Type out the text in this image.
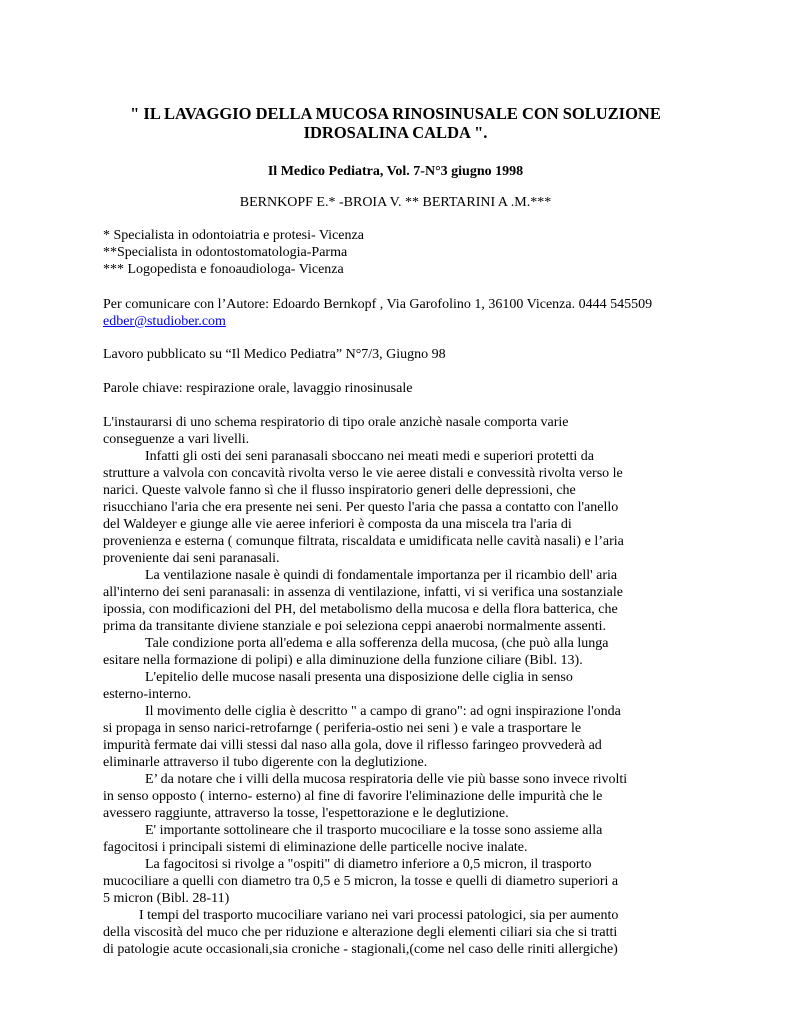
" IL LAVAGGIO DELLA MUCOSA RINOSINUSALE CON SOLUZIONE
IDROSALINA CALDA ".
Il Medico Pediatra, Vol. 7-N°3 giugno 1998
BERNKOPF E.* -BROIA V. ** BERTARINI A .M.***
* Specialista in odontoiatria e protesi- Vicenza
**Specialista in odontostomatologia-Parma
*** Logopedista e fonoaudiologa- Vicenza
Per comunicare con l’Autore: Edoardo Bernkopf , Via Garofolino 1, 36100 Vicenza. 0444 545509
edber@studiober.com
Lavoro pubblicato su “Il Medico Pediatra” N°7/3, Giugno 98
Parole chiave: respirazione orale, lavaggio rinosinusale
L'instaurarsi di uno schema respiratorio di tipo orale anzichè nasale comporta varie
conseguenze a vari livelli.
Infatti gli osti dei seni paranasali sboccano nei meati medi e superiori protetti da
strutture a valvola con concavità rivolta verso le vie aeree distali e convessità rivolta verso le
narici. Queste valvole fanno sì che il flusso inspiratorio generi delle depressioni, che
risucchiano l'aria che era presente nei seni. Per questo l'aria che passa a contatto con l'anello
del Waldeyer e giunge alle vie aeree inferiori è composta da una miscela tra l'aria di
provenienza e esterna ( comunque filtrata, riscaldata e umidificata nelle cavità nasali) e l’aria
proveniente dai seni paranasali.
La ventilazione nasale è quindi di fondamentale importanza per il ricambio dell' aria
all'interno dei seni paranasali: in assenza di ventilazione, infatti, vi si verifica una sostanziale
ipossia, con modificazioni del PH, del metabolismo della mucosa e della flora batterica, che
prima da transitante diviene stanziale e poi seleziona ceppi anaerobi normalmente assenti.
Tale condizione porta all'edema e alla sofferenza della mucosa, (che può alla lunga
esitare nella formazione di polipi) e alla diminuzione della funzione ciliare (Bibl. 13).
L'epitelio delle mucose nasali presenta una disposizione delle ciglia in senso
esterno-interno.
Il movimento delle ciglia è descritto " a campo di grano": ad ogni inspirazione l'onda
si propaga in senso narici-retrofarnge ( periferia-ostio nei seni ) e vale a trasportare le
impurità fermate dai villi stessi dal naso alla gola, dove il riflesso faringeo provvederà ad
eliminarle attraverso il tubo digerente con la deglutizione.
E’ da notare che i villi della mucosa respiratoria delle vie più basse sono invece rivolti
in senso opposto ( interno- esterno) al fine di favorire l'eliminazione delle impurità che le
avessero raggiunte, attraverso la tosse, l'espettorazione e le deglutizione.
E' importante sottolineare che il trasporto mucociliare e la tosse sono assieme alla
fagocitosi i principali sistemi di eliminazione delle particelle nocive inalate.
La fagocitosi si rivolge a "ospiti" di diametro inferiore a 0,5 micron, il trasporto
mucociliare a quelli con diametro tra 0,5 e 5 micron, la tosse e quelli di diametro superiori a
5 micron (Bibl. 28-11)
I tempi del trasporto mucociliare variano nei vari processi patologici, sia per aumento
della viscosità del muco che per riduzione e alterazione degli elementi ciliari sia che si tratti
di patologie acute occasionali,sia croniche - stagionali,(come nel caso delle riniti allergiche)
